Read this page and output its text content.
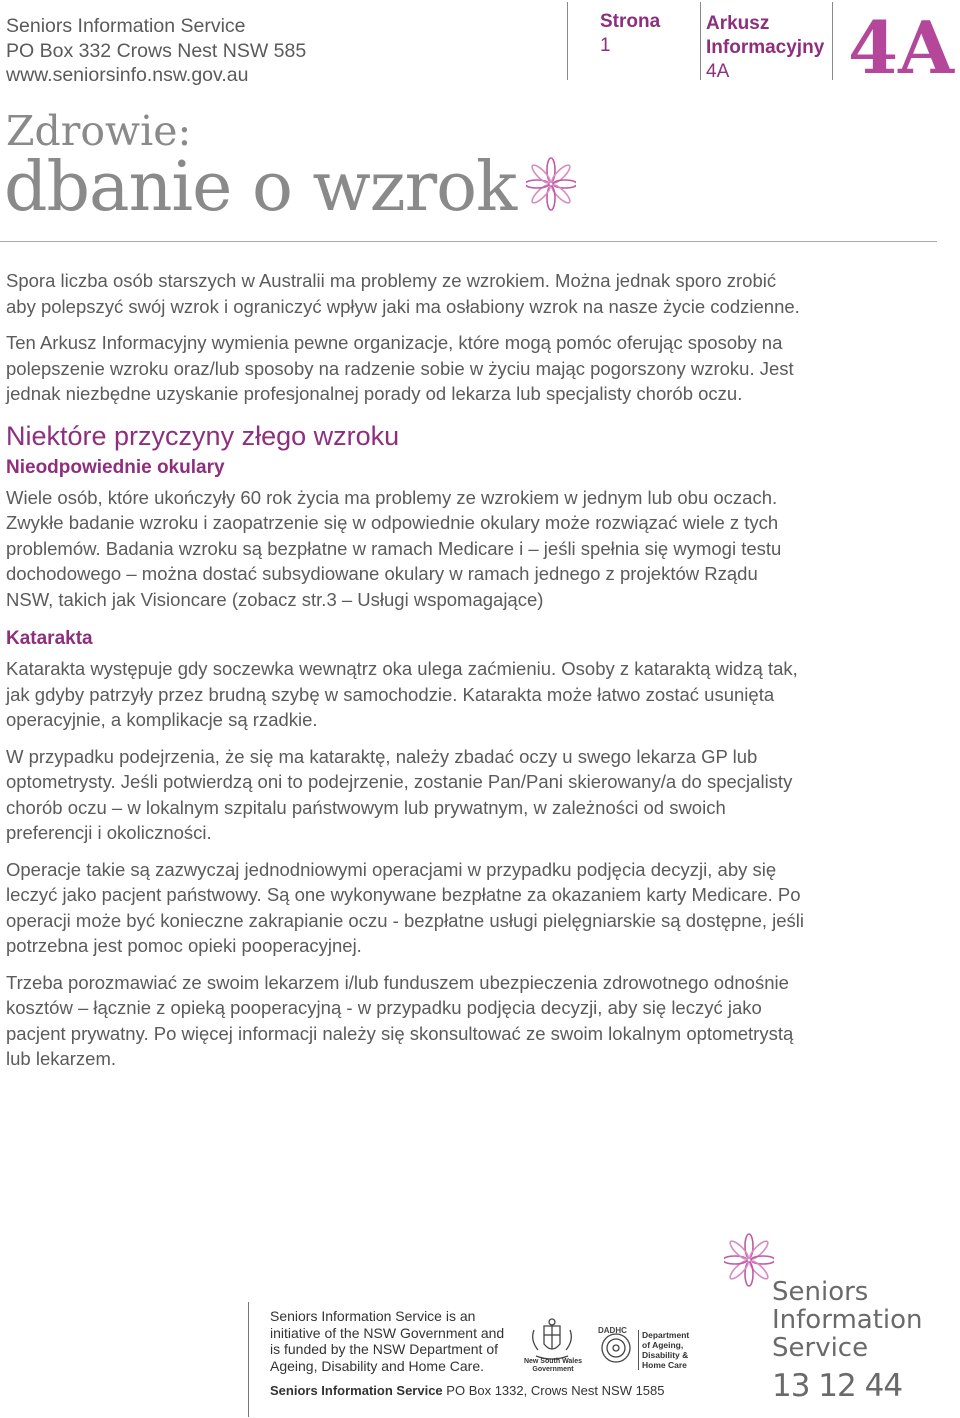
Seniors Information Service
PO Box 332 Crows Nest NSW 585
www.seniorsinfo.nsw.gov.au
Strona
1
Arkusz
Informacyjny
4A	4A
Zdrowie:
dbanie o wzrok

Spora liczba osób starszych w Australii ma problemy ze wzrokiem. Można jednak sporo zrobić aby polepszyć swój wzrok i ograniczyć wpływ jaki ma osłabiony wzrok na nasze życie codzienne.

Ten Arkusz Informacyjny wymienia pewne organizacje, które mogą pomóc oferując sposoby na polepszenie wzroku oraz/lub sposoby na radzenie sobie w życiu mając pogorszony wzroku. Jest jednak niezbędne uzyskanie profesjonalnej porady od lekarza lub specjalisty chorób oczu.

Niektóre przyczyny złego wzroku
Nieodpowiednie okulary

Wiele osób, które ukończyły 60 rok życia ma problemy ze wzrokiem w jednym lub obu oczach. Zwykłe badanie wzroku i zaopatrzenie się w odpowiednie okulary może rozwiązać wiele z tych problemów. Badania wzroku są bezpłatne w ramach Medicare i – jeśli spełnia się wymogi testu dochodowego – można dostać subsydiowane okulary w ramach jednego z projektów Rządu NSW, takich jak Visioncare (zobacz str.3 – Usługi wspomagające)

Katarakta

Katarakta występuje gdy soczewka wewnątrz oka ulega zaćmieniu. Osoby z kataraktą widzą tak, jak gdyby patrzyły przez brudną szybę w samochodzie. Katarakta może łatwo zostać usunięta operacyjnie, a komplikacje są rzadkie.

W przypadku podejrzenia, że się ma kataraktę, należy zbadać oczy u swego lekarza GP lub optometrysty. Jeśli potwierdzą oni to podejrzenie, zostanie Pan/Pani skierowany/a do specjalisty chorób oczu – w lokalnym szpitalu państwowym lub prywatnym, w zależności od swoich preferencji i okoliczności.

Operacje takie są zazwyczaj jednodniowymi operacjami w przypadku podjęcia decyzji, aby się leczyć jako pacjent państwowy. Są one wykonywane bezpłatne za okazaniem karty Medicare. Po operacji może być konieczne zakrapianie oczu - bezpłatne usługi pielęgniarskie są dostępne, jeśli potrzebna jest pomoc opieki pooperacyjnej.

Trzeba porozmawiać ze swoim lekarzem i/lub funduszem ubezpieczenia zdrowotnego odnośnie kosztów – łącznie z opieką pooperacyjną - w przypadku podjęcia decyzji, aby się leczyć jako pacjent prywatny. Po więcej informacji należy się skonsultować ze swoim lokalnym optometrystą lub lekarzem.

Seniors Information Service is an
initiative of the NSW Government and
is funded by the NSW Department of
Ageing, Disability and Home Care.	New South Wales Government
DADHC Department
of Ageing,
Disability &
Home Care
Seniors Information Service PO Box 1332, Crows Nest NSW 1585
Seniors
Information
Service
13 12 44
